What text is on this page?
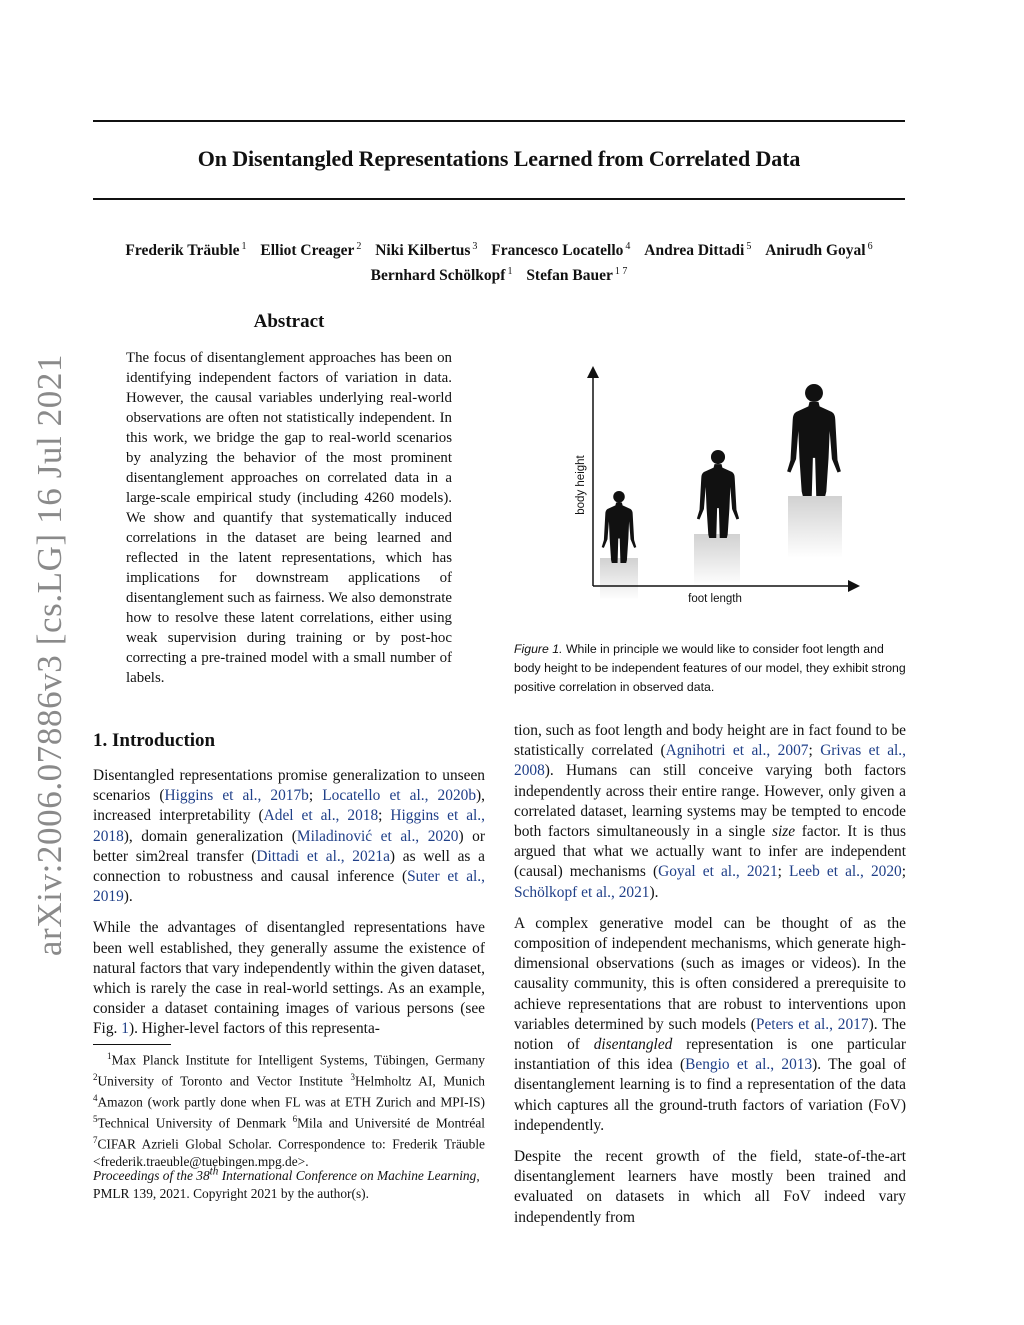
arXiv:2006.07886v3 [cs.LG] 16 Jul 2021
On Disentangled Representations Learned from Correlated Data
Frederik Träuble $^1$ Elliot Creager $^2$ Niki Kilbertus $^3$ Francesco Locatello $^4$ Andrea Dittadi $^5$ Anirudh Goyal $^6$
Bernhard Schölkopf $^1$ Stefan Bauer $^{1 7}$
Abstract
The focus of disentanglement approaches has been on identifying independent factors of variation in data. However, the causal variables underlying real-world observations are often not statistically independent. In this work, we bridge the gap to real-world scenarios by analyzing the behavior of the most prominent disentanglement approaches on correlated data in a large-scale empirical study (including 4260 models). We show and quantify that systematically induced correlations in the dataset are being learned and reflected in the latent representations, which has implications for downstream applications of disentanglement such as fairness. We also demonstrate how to resolve these latent correlations, either using weak supervision during training or by post-hoc correcting a pre-trained model with a small number of labels.
foot length
body height
Figure 1. While in principle we would like to consider foot length and body height to be independent features of our model, they exhibit strong positive correlation in observed data.
1. Introduction

Disentangled representations promise generalization to unseen scenarios (Higgins et al., 2017b; Locatello et al., 2020b), increased interpretability (Adel et al., 2018; Higgins et al., 2018), domain generalization (Miladinović et al., 2020) or better sim2real transfer (Dittadi et al., 2021a) as well as a connection to robustness and causal inference (Suter et al., 2019).

While the advantages of disentangled representations have been well established, they generally assume the existence of natural factors that vary independently within the given dataset, which is rarely the case in real-world settings. As an example, consider a dataset containing images of various persons (see Fig. 1). Higher-level factors of this representa-

$^1$Max Planck Institute for Intelligent Systems, Tübingen, Germany $^2$University of Toronto and Vector Institute $^3$Helmholtz AI, Munich $^4$Amazon (work partly done when FL was at ETH Zurich and MPI-IS) $^5$Technical University of Denmark $^6$Mila and Université de Montréal $^7$CIFAR Azrieli Global Scholar. Correspondence to: Frederik Träuble <frederik.traeuble@tuebingen.mpg.de>.
Proceedings of the 38th International Conference on Machine Learning, PMLR 139, 2021. Copyright 2021 by the author(s).

tion, such as foot length and body height are in fact found to be statistically correlated (Agnihotri et al., 2007; Grivas et al., 2008). Humans can still conceive varying both factors independently across their entire range. However, only given a correlated dataset, learning systems may be tempted to encode both factors simultaneously in a single size factor. It is thus argued that what we actually want to infer are independent (causal) mechanisms (Goyal et al., 2021; Leeb et al., 2020; Schölkopf et al., 2021).

A complex generative model can be thought of as the composition of independent mechanisms, which generate high-dimensional observations (such as images or videos). In the causality community, this is often considered a prerequisite to achieve representations that are robust to interventions upon variables determined by such models (Peters et al., 2017). The notion of disentangled representation is one particular instantiation of this idea (Bengio et al., 2013). The goal of disentanglement learning is to find a representation of the data which captures all the ground-truth factors of variation (FoV) independently.

Despite the recent growth of the field, state-of-the-art disentanglement learners have mostly been trained and evaluated on datasets in which all FoV indeed vary independently from
